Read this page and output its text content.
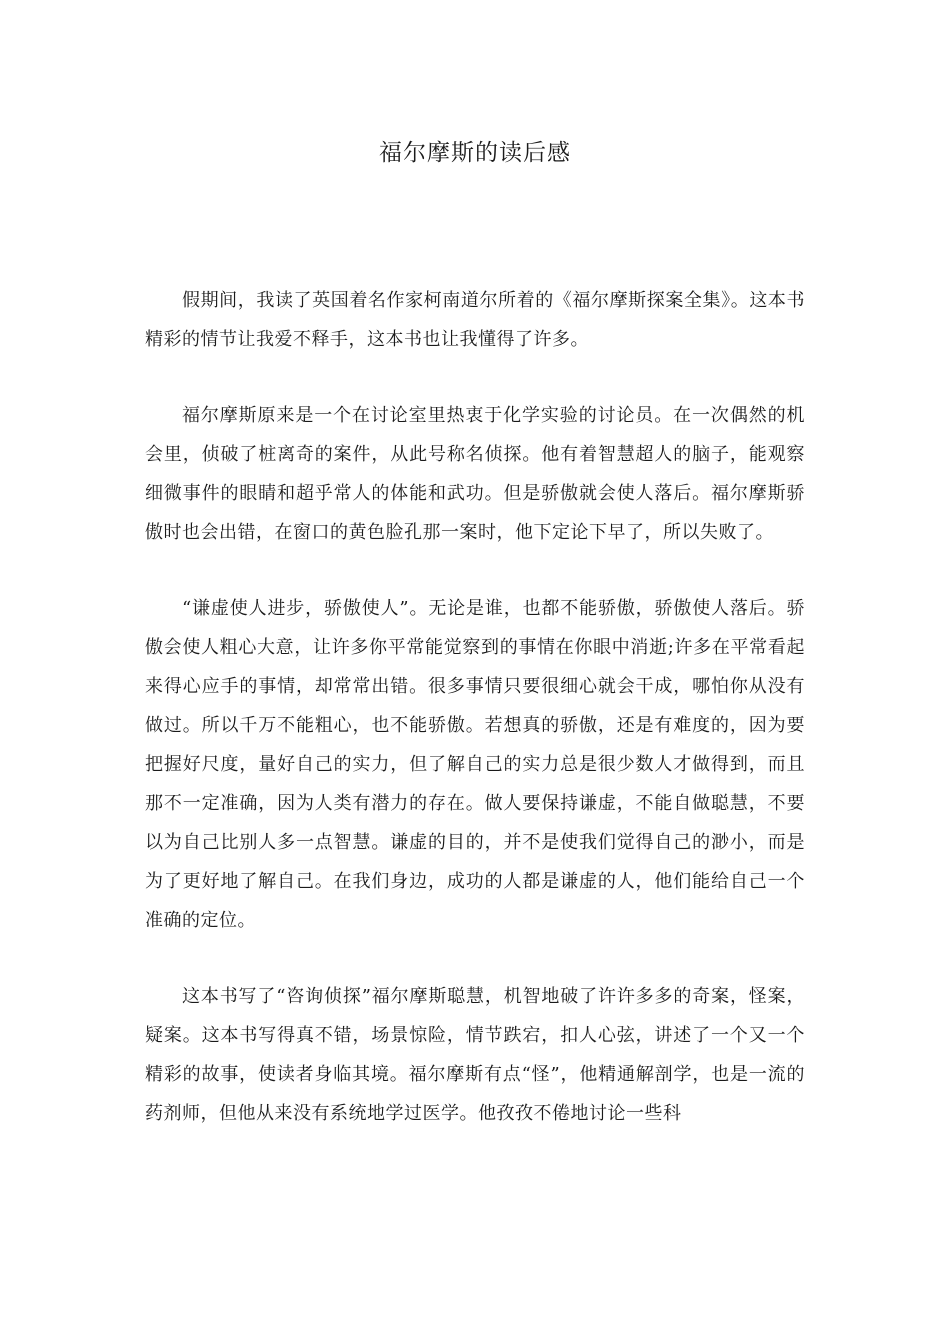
福尔摩斯的读后感

假期间，我读了英国着名作家柯南道尔所着的《福尔摩斯探案全集》。这本书精彩的情节让我爱不释手，这本书也让我懂得了许多。

福尔摩斯原来是一个在讨论室里热衷于化学实验的讨论员。在一次偶然的机会里，侦破了桩离奇的案件，从此号称名侦探。他有着智慧超人的脑子，能观察细微事件的眼睛和超乎常人的体能和武功。但是骄傲就会使人落后。福尔摩斯骄傲时也会出错，在窗口的黄色脸孔那一案时，他下定论下早了，所以失败了。

“谦虚使人进步，骄傲使人”。无论是谁，也都不能骄傲，骄傲使人落后。骄傲会使人粗心大意，让许多你平常能觉察到的事情在你眼中消逝;许多在平常看起来得心应手的事情，却常常出错。很多事情只要很细心就会干成，哪怕你从没有做过。所以千万不能粗心，也不能骄傲。若想真的骄傲，还是有难度的，因为要把握好尺度，量好自己的实力，但了解自己的实力总是很少数人才做得到，而且那不一定准确，因为人类有潜力的存在。做人要保持谦虚，不能自做聪慧，不要以为自己比别人多一点智慧。谦虚的目的，并不是使我们觉得自己的渺小，而是为了更好地了解自己。在我们身边，成功的人都是谦虚的人，他们能给自己一个准确的定位。

这本书写了“咨询侦探”福尔摩斯聪慧，机智地破了许许多多的奇案，怪案，疑案。这本书写得真不错，场景惊险，情节跌宕，扣人心弦，讲述了一个又一个精彩的故事，使读者身临其境。福尔摩斯有点“怪”，他精通解剖学，也是一流的药剂师，但他从来没有系统地学过医学。他孜孜不倦地讨论一些科
